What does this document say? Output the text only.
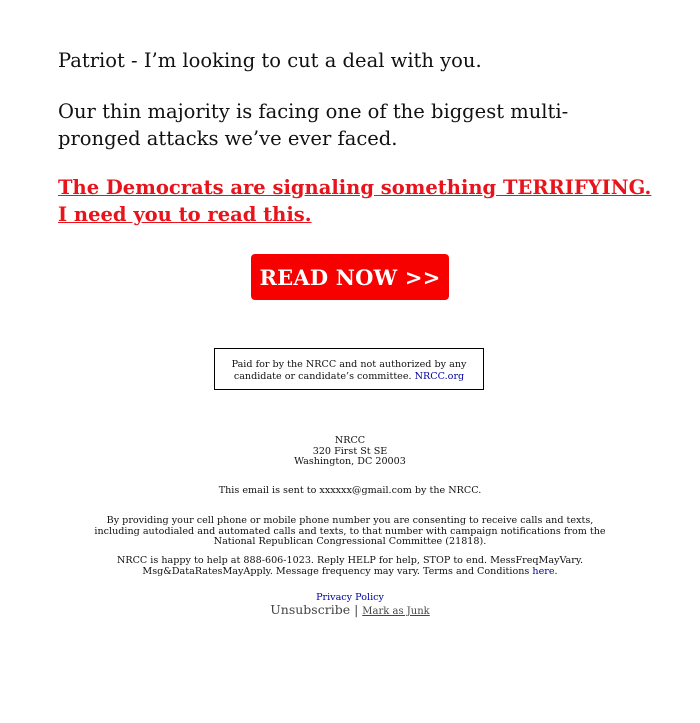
Patriot - I’m looking to cut a deal with you.

Our thin majority is facing one of the biggest multi-pronged attacks we’ve ever faced.

The Democrats are signaling something TERRIFYING. I need you to read this.

READ NOW >>
Paid for by the NRCC and not authorized by any candidate or candidate’s committee. NRCC.org
NRCC
320 First St SE
Washington, DC 20003

This email is sent to xxxxxx@gmail.com by the NRCC.

By providing your cell phone or mobile phone number you are consenting to receive calls and texts, including autodialed and automated calls and texts, to that number with campaign notifications from the National Republican Congressional Committee (21818).

NRCC is happy to help at 888-606-1023. Reply HELP for help, STOP to end. MessFreqMayVary. Msg&DataRatesMayApply. Message frequency may vary. Terms and Conditions here.

Privacy Policy

Unsubscribe | Mark as Junk
